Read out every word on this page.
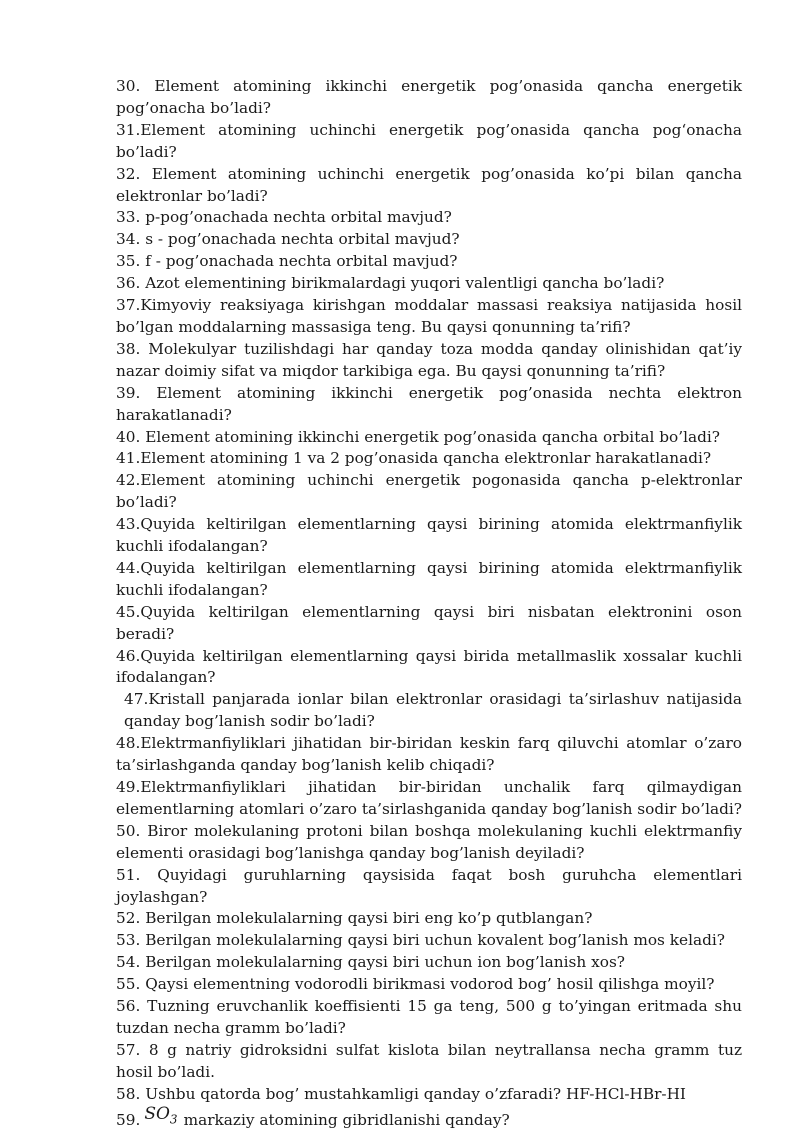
30. Element atomining ikkinchi energetik pog’onasida qancha energetik pog’onacha bo’ladi?

31.Element atomining uchinchi energetik pog’onasida qancha pog‘onacha bo’ladi?

32. Element atomining uchinchi energetik pog’onasida ko’pi bilan qancha elektronlar bo’ladi?

33. p-pog’onachada nechta orbital mavjud?

34. s - pog’onachada nechta orbital mavjud?

35. f - pog’onachada nechta orbital mavjud?

36. Azot elementining birikmalardagi yuqori valentligi qancha bo’ladi?

37.Kimyoviy reaksiyaga kirishgan moddalar massasi reaksiya natijasida hosil bo’lgan moddalarning massasiga teng. Bu qaysi qonunning ta’rifi?

38. Molekulyar tuzilishdagi har qanday toza modda qanday olinishidan qat’iy nazar doimiy sifat va miqdor tarkibiga ega. Bu qaysi qonunning ta’rifi?

39. Element atomining ikkinchi energetik pog’onasida nechta elektron harakatlanadi?

40. Element atomining ikkinchi energetik pog’onasida qancha orbital bo’ladi?

41.Element atomining 1 va 2 pog’onasida qancha elektronlar harakatlanadi?

42.Element atomining uchinchi energetik pogonasida qancha p-elektronlar bo’ladi?

43.Quyida keltirilgan elementlarning qaysi birining atomida elektrmanfiylik kuchli ifodalangan?

44.Quyida keltirilgan elementlarning qaysi birining atomida elektrmanfiylik kuchli ifodalangan?

45.Quyida keltirilgan elementlarning qaysi biri nisbatan elektronini oson beradi?

46.Quyida keltirilgan elementlarning qaysi birida metallmaslik xossalar kuchli ifodalangan?

47.Kristall panjarada ionlar bilan elektronlar orasidagi ta’sirlashuv natijasida qanday bog’lanish sodir bo’ladi?

48.Elektrmanfiyliklari jihatidan bir-biridan keskin farq qiluvchi atomlar o’zaro ta’sirlashganda qanday bog’lanish kelib chiqadi?

49.Elektrmanfiyliklari jihatidan bir-biridan unchalik farq qilmaydigan elementlarning atomlari o’zaro ta’sirlashganida qanday bog’lanish sodir bo’ladi?

50. Biror molekulaning protoni bilan boshqa molekulaning kuchli elektrmanfiy elementi orasidagi bog’lanishga qanday bog’lanish deyiladi?

51. Quyidagi guruhlarning qaysisida faqat bosh guruhcha elementlari joylashgan?

52. Berilgan molekulalarning qaysi biri eng ko’p qutblangan?

53. Berilgan molekulalarning qaysi biri uchun kovalent bog’lanish mos keladi?

54. Berilgan molekulalarning qaysi biri uchun ion bog’lanish xos?

55. Qaysi elementning vodorodli birikmasi vodorod bog’ hosil qilishga moyil?

56. Tuzning eruvchanlik koeffisienti 15 ga teng, 500 g to’yingan eritmada shu tuzdan necha gramm bo’ladi?

57. 8 g natriy gidroksidni sulfat kislota bilan neytrallansa necha gramm tuz hosil bo’ladi.

58. Ushbu qatorda bog’ mustahkamligi qanday o’zfaradi? HF-HCl-HBr-HI

59. $SO_3$ markaziy atomining gibridlanishi qanday?
